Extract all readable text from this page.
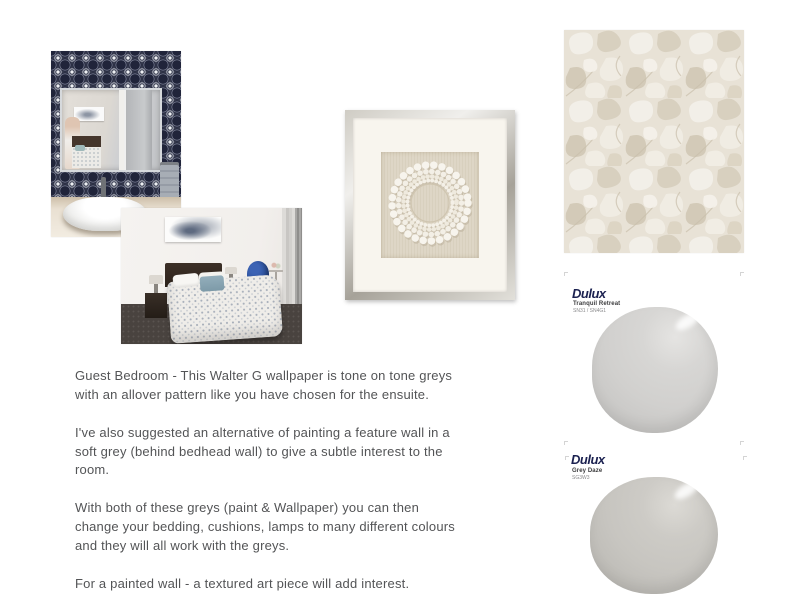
Dulux
Tranquil Retreat
SN31 / SN4G1
Dulux
Grey Daze
SG3W3

Guest Bedroom - This Walter G wallpaper is tone on tone greys with an allover pattern like you have chosen for the ensuite.

I've also suggested an alternative of painting a feature wall in a soft grey (behind bedhead wall) to give a subtle interest to the room.

With both of these greys (paint & Wallpaper) you can then change your bedding, cushions, lamps to many different colours and they will all work with the greys.

For a painted wall - a textured art piece will add interest.
